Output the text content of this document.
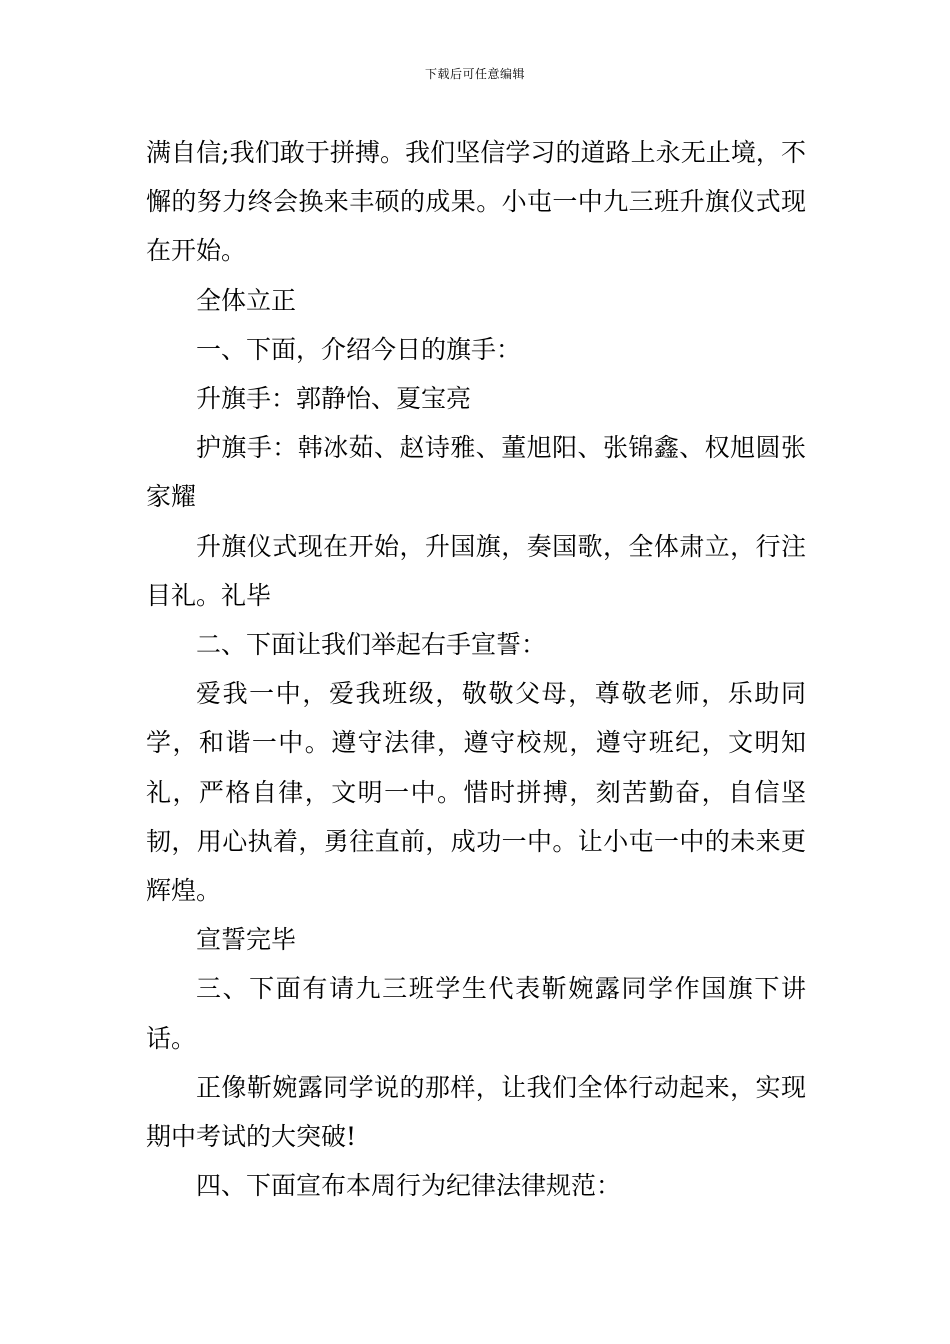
下载后可任意编辑

满自信;我们敢于拼搏。我们坚信学习的道路上永无止境，不懈的努力终会换来丰硕的成果。小屯一中九三班升旗仪式现在开始。

全体立正

一、下面，介绍今日的旗手：

升旗手：郭静怡、夏宝亮

护旗手：韩冰茹、赵诗雅、董旭阳、张锦鑫、权旭圆张家耀

升旗仪式现在开始，升国旗，奏国歌，全体肃立，行注目礼。礼毕

二、下面让我们举起右手宣誓：

爱我一中，爱我班级，敬敬父母，尊敬老师，乐助同学，和谐一中。遵守法律，遵守校规，遵守班纪，文明知礼，严格自律，文明一中。惜时拼搏，刻苦勤奋，自信坚韧，用心执着，勇往直前，成功一中。让小屯一中的未来更辉煌。

宣誓完毕

三、下面有请九三班学生代表靳婉露同学作国旗下讲话。

正像靳婉露同学说的那样，让我们全体行动起来，实现期中考试的大突破!

四、下面宣布本周行为纪律法律规范：
